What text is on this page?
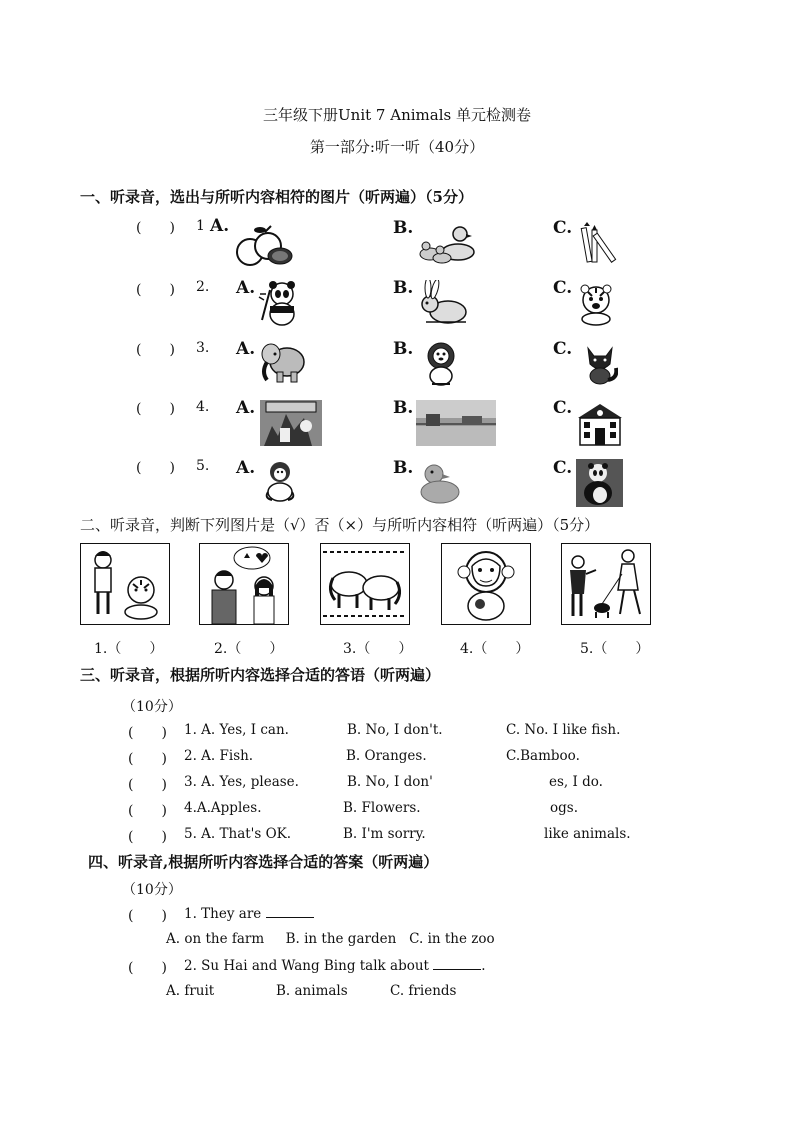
三年级下册Unit 7 Animals 单元检测卷
第一部分:听一听（40分）
一、听录音，选出与所听内容相符的图片（听两遍）（5分）
(　　) 1 A.	B.	C.
(　　) 2. A.	B.	C.
(　　) 3. A.	B.	C.
(　　) 4. A.	B.	C.
(　　) 5. A.	B.	C.
二、听录音，判断下列图片是（√）否（×）与所听内容相符（听两遍）（5分）
1.（　　）	2.（　　）	3.（　　）	4.（　　）	5.（　　）
三、听录音，根据所听内容选择合适的答语（听两遍）
（10分）
(　　) 1. A. Yes, I can.	B. No, I don't.	C. No. I like fish.
(　　) 2. A. Fish.	B. Oranges.	C.Bamboo.
(　　) 3. A. Yes, please.	B. No, I don'	es, I do.
(　　) 4.A.Apples.	B. Flowers.	ogs.
(　　) 5. A. That's OK.	B. I'm sorry.	like animals.
四、听录音,根据所听内容选择合适的答案（听两遍）
（10分）
(　　) 1. They are
A. on the farm     B. in the garden   C. in the zoo
(　　) 2. Su Hai and Wang Bing talk about	.
A. fruit	B. animals	C. friends
